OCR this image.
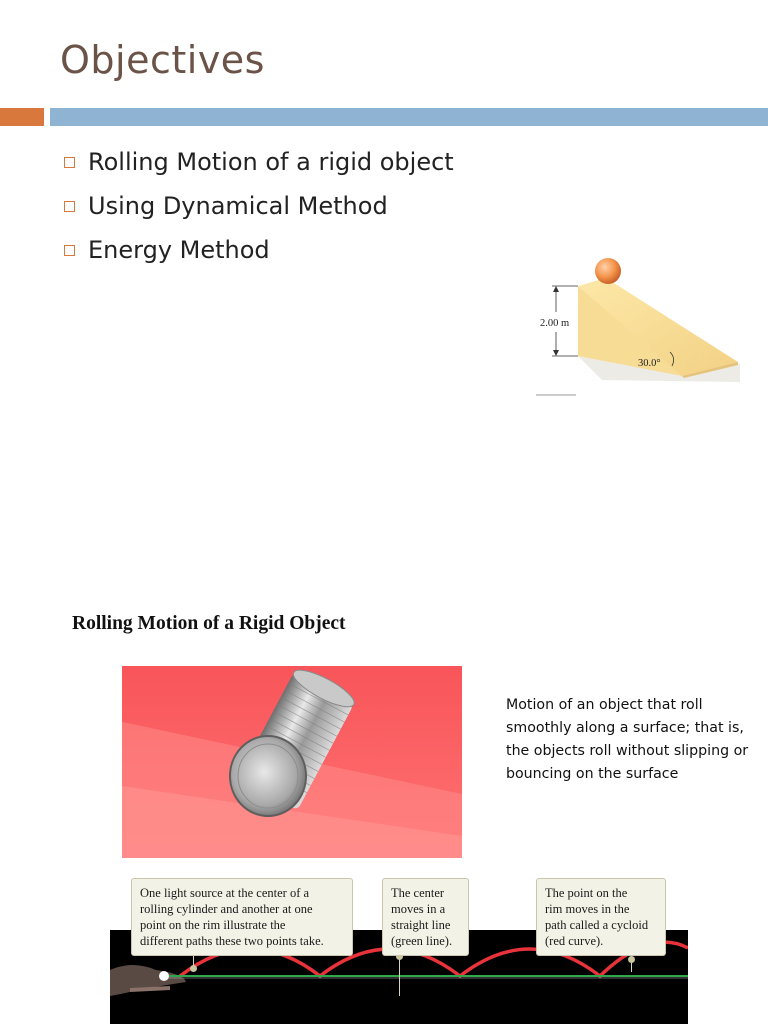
Objectives
Rolling Motion of a rigid object
Using Dynamical Method
Energy Method
2.00 m
30.0°
Rolling Motion of a Rigid Object
Motion of an object that roll smoothly along a surface; that is, the objects roll without slipping or bouncing on the surface
One light source at the center of a
rolling cylinder and another at one
point on the rim illustrate the
different paths these two points take.
The center
moves in a
straight line
(green line).
The point on the
rim moves in the
path called a cycloid
(red curve).
